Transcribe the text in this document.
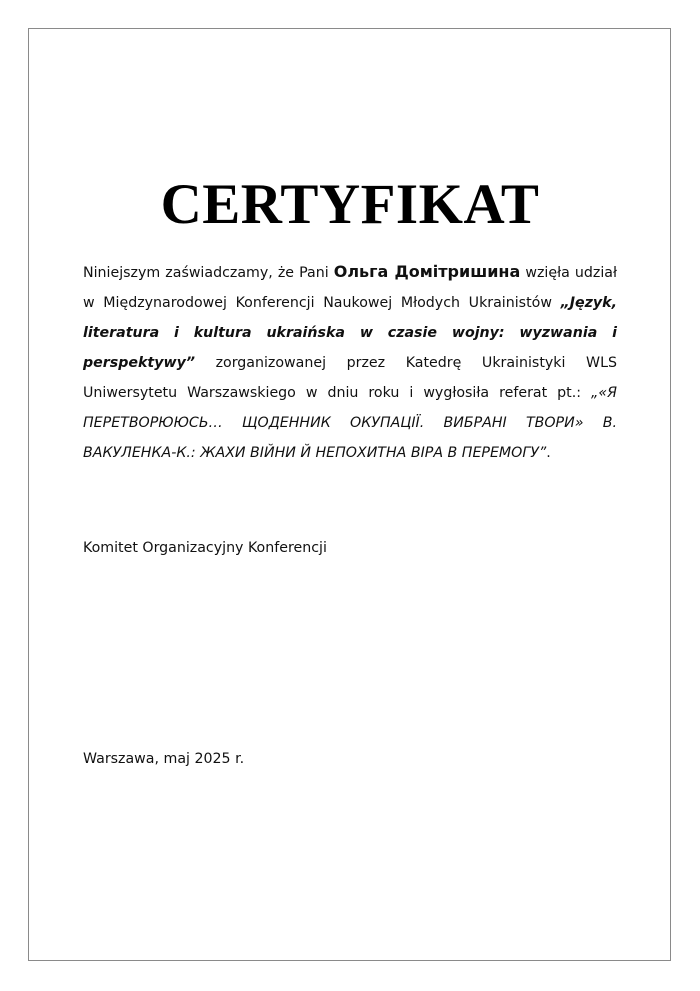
CERTYFIKAT
Niniejszym zaświadczamy, że Pani Ольга Домітришина wzięła udział w Międzynarodowej Konferencji Naukowej Młodych Ukrainistów „Język, literatura i kultura ukraińska w czasie wojny: wyzwania i perspektywy” zorganizowanej przez Katedrę Ukrainistyki WLS Uniwersytetu Warszawskiego w dniu roku i wygłosiła referat pt.: „«Я ПЕРЕТВОРЮЮСЬ… ЩОДЕННИК ОКУПАЦІЇ. ВИБРАНІ ТВОРИ» В. ВАКУЛЕНКА-К.: ЖАХИ ВІЙНИ Й НЕПОХИТНА ВІРА В ПЕРЕМОГУ”.
Komitet Organizacyjny Konferencji
Warszawa, maj 2025 r.
